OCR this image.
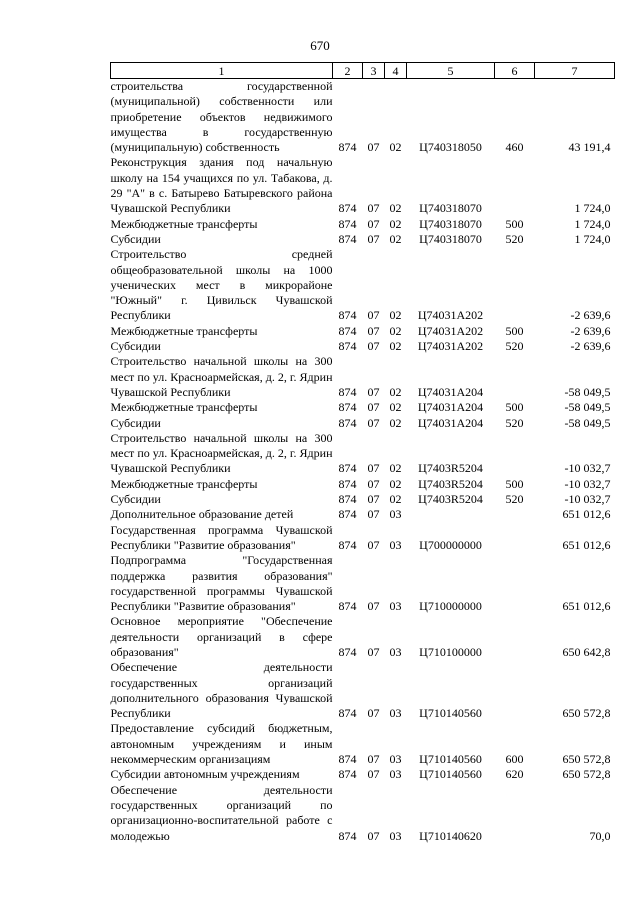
670
1	2	3	4	5	6	7
строительства государственной (муниципальной) собственности или приобретение объектов недвижимого имущества в государственную (муниципальную) собственность	874	07	02	Ц740318050	460	43 191,4
Реконструкция здания под начальную школу на 154 учащихся по ул. Табакова, д. 29 "А" в с. Батырево Батыревского района Чувашской Республики	874	07	02	Ц740318070		1 724,0
Межбюджетные трансферты	874	07	02	Ц740318070	500	1 724,0
Субсидии	874	07	02	Ц740318070	520	1 724,0
Строительство средней общеобразовательной школы на 1000 ученических мест в микрорайоне "Южный" г. Цивильск Чувашской Республики	874	07	02	Ц74031А202		-2 639,6
Межбюджетные трансферты	874	07	02	Ц74031А202	500	-2 639,6
Субсидии	874	07	02	Ц74031А202	520	-2 639,6
Строительство начальной школы на 300 мест по ул. Красноармейская, д. 2, г. Ядрин Чувашской Республики	874	07	02	Ц74031А204		-58 049,5
Межбюджетные трансферты	874	07	02	Ц74031А204	500	-58 049,5
Субсидии	874	07	02	Ц74031А204	520	-58 049,5
Строительство начальной школы на 300 мест по ул. Красноармейская, д. 2, г. Ядрин Чувашской Республики	874	07	02	Ц7403R5204		-10 032,7
Межбюджетные трансферты	874	07	02	Ц7403R5204	500	-10 032,7
Субсидии	874	07	02	Ц7403R5204	520	-10 032,7
Дополнительное образование детей	874	07	03			651 012,6
Государственная программа Чувашской Республики "Развитие образования"	874	07	03	Ц700000000		651 012,6
Подпрограмма "Государственная поддержка развития образования" государственной программы Чувашской Республики "Развитие образования"	874	07	03	Ц710000000		651 012,6
Основное мероприятие "Обеспечение деятельности организаций в сфере образования"	874	07	03	Ц710100000		650 642,8
Обеспечение деятельности государственных организаций дополнительного образования Чувашской Республики	874	07	03	Ц710140560		650 572,8
Предоставление субсидий бюджетным, автономным учреждениям и иным некоммерческим организациям	874	07	03	Ц710140560	600	650 572,8
Субсидии автономным учреждениям	874	07	03	Ц710140560	620	650 572,8
Обеспечение деятельности государственных организаций по организационно-воспитательной работе с молодежью	874	07	03	Ц710140620		70,0
